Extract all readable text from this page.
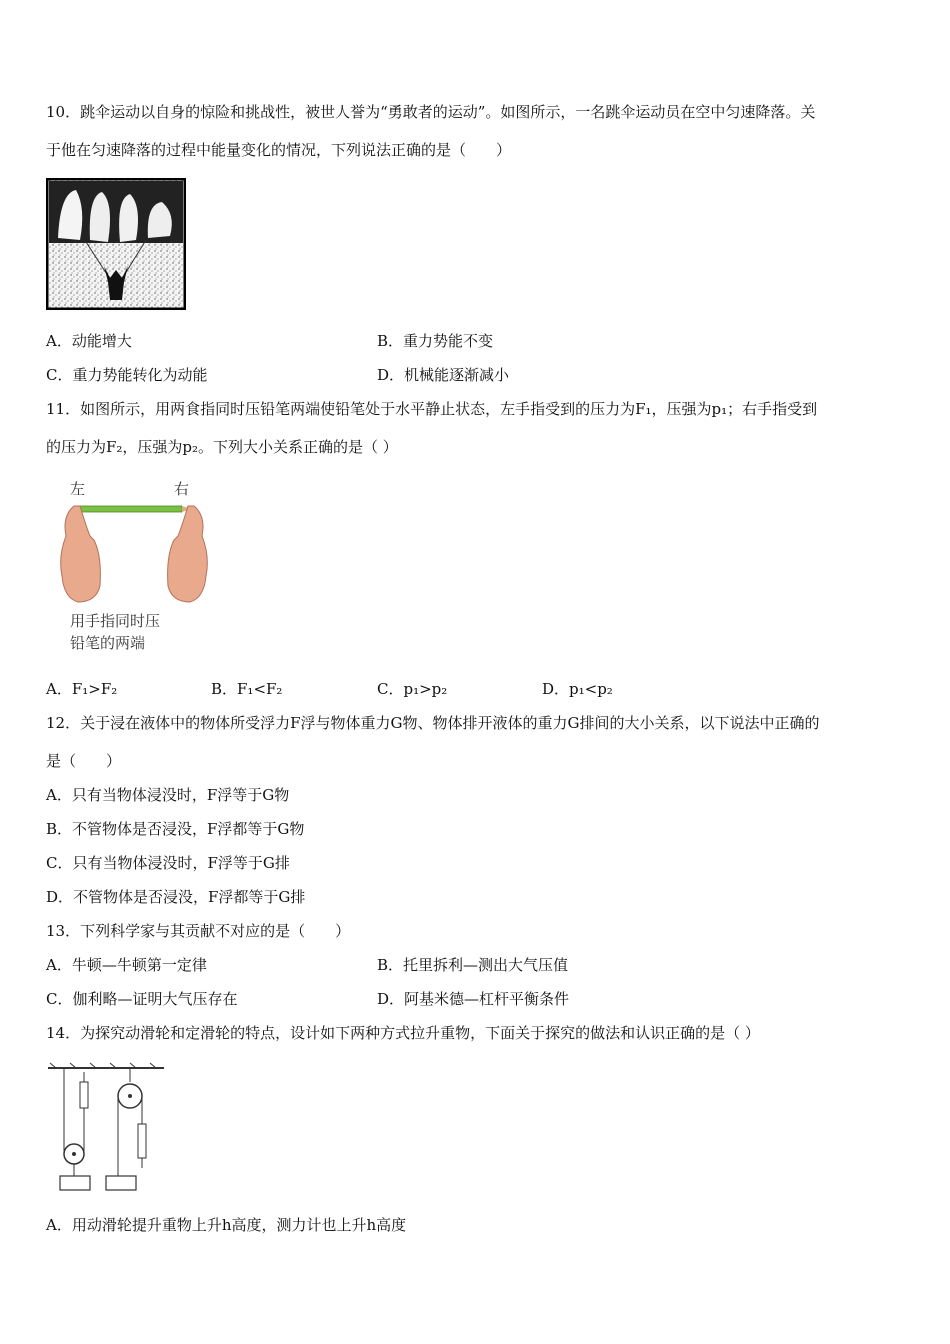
10．跳伞运动以自身的惊险和挑战性，被世人誉为“勇敢者的运动”。如图所示，一名跳伞运动员在空中匀速降落。关
于他在匀速降落的过程中能量变化的情况，下列说法正确的是（　　）
A．动能增大	B．重力势能不变
C．重力势能转化为动能	D．机械能逐渐减小
11．如图所示，用两食指同时压铅笔两端使铅笔处于水平静止状态，左手指受到的压力为F₁，压强为p₁；右手指受到
的压力为F₂，压强为p₂。下列大小关系正确的是（ ）
左	右
用手指同时压
铅笔的两端
A．F₁>F₂	B．F₁<F₂	C．p₁>p₂	D．p₁<p₂
12．关于浸在液体中的物体所受浮力F浮与物体重力G物、物体排开液体的重力G排间的大小关系，以下说法中正确的
是（　　）
A．只有当物体浸没时，F浮等于G物
B．不管物体是否浸没，F浮都等于G物
C．只有当物体浸没时，F浮等于G排
D．不管物体是否浸没，F浮都等于G排
13．下列科学家与其贡献不对应的是（　　）
A．牛顿—牛顿第一定律	B．托里拆利—测出大气压值
C．伽利略—证明大气压存在	D．阿基米德—杠杆平衡条件
14．为探究动滑轮和定滑轮的特点，设计如下两种方式拉升重物，下面关于探究的做法和认识正确的是（ ）
A．用动滑轮提升重物上升h高度，测力计也上升h高度
